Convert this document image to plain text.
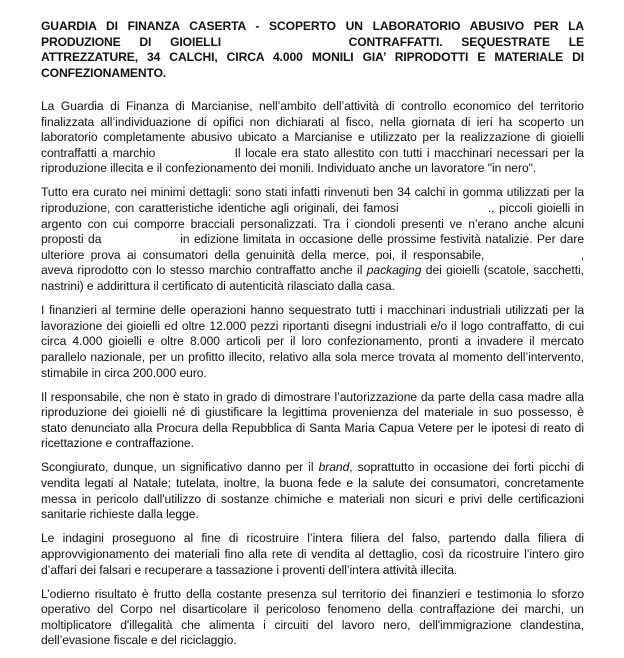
GUARDIA DI FINANZA CASERTA - SCOPERTO UN LABORATORIO ABUSIVO PER LA PRODUZIONE DI GIOIELLI	CONTRAFFATTI. SEQUESTRATE LE ATTREZZATURE, 34 CALCHI, CIRCA 4.000 MONILI GIA’ RIPRODOTTI E MATERIALE DI CONFEZIONAMENTO.

La Guardia di Finanza di Marcianise, nell’ambito dell’attività di controllo economico del territorio finalizzata all’individuazione di opifici non dichiarati al fisco, nella giornata di ieri ha scoperto un laboratorio completamente abusivo ubicato a Marcianise e utilizzato per la realizzazione di gioielli contraffatti a marchio	Il locale era stato allestito con tutti i macchinari necessari per la riproduzione illecita e il confezionamento dei monili. Individuato anche un lavoratore "in nero".

Tutto era curato nei minimi dettagli: sono stati infatti rinvenuti ben 34 calchi in gomma utilizzati per la riproduzione, con caratteristiche identiche agli originali, dei famosi	., piccoli gioielli in argento con cui comporre bracciali personalizzati. Tra i ciondoli presenti ve n’erano anche alcuni proposti da	in edizione limitata in occasione delle prossime festività natalizie. Per dare ulteriore prova ai consumatori della genuinità della merce, poi, il responsabile,	, aveva riprodotto con lo stesso marchio contraffatto anche il packaging dei gioielli (scatole, sacchetti, nastrini) e addirittura il certificato di autenticità rilasciato dalla casa.

I finanzieri al termine delle operazioni hanno sequestrato tutti i macchinari industriali utilizzati per la lavorazione dei gioielli ed oltre 12.000 pezzi riportanti disegni industriali e/o il logo contraffatto, di cui circa 4.000 gioielli e oltre 8.000 articoli per il loro confezionamento, pronti a invadere il mercato parallelo nazionale, per un profitto illecito, relativo alla sola merce trovata al momento dell’intervento, stimabile in circa 200.000 euro.

Il responsabile, che non è stato in grado di dimostrare l’autorizzazione da parte della casa madre alla riproduzione dei gioielli né di giustificare la legittima provenienza del materiale in suo possesso, è stato denunciato alla Procura della Repubblica di Santa Maria Capua Vetere per le ipotesi di reato di ricettazione e contraffazione.

Scongiurato, dunque, un significativo danno per il brand, soprattutto in occasione dei forti picchi di vendita legati al Natale; tutelata, inoltre, la buona fede e la salute dei consumatori, concretamente messa in pericolo dall'utilizzo di sostanze chimiche e materiali non sicuri e privi delle certificazioni sanitarie richieste dalla legge.

Le indagini proseguono al fine di ricostruire l’intera filiera del falso, partendo dalla filiera di approvvigionamento dei materiali fino alla rete di vendita al dettaglio, così da ricostruire l’intero giro d’affari dei falsari e recuperare a tassazione i proventi dell’intera attività illecita.

L’odierno risultato è frutto della costante presenza sul territorio dei finanzieri e testimonia lo sforzo operativo del Corpo nel disarticolare il pericoloso fenomeno della contraffazione dei marchi, un moltiplicatore d'illegalità che alimenta i circuiti del lavoro nero, dell'immigrazione clandestina, dell’evasione fiscale e del riciclaggio.
